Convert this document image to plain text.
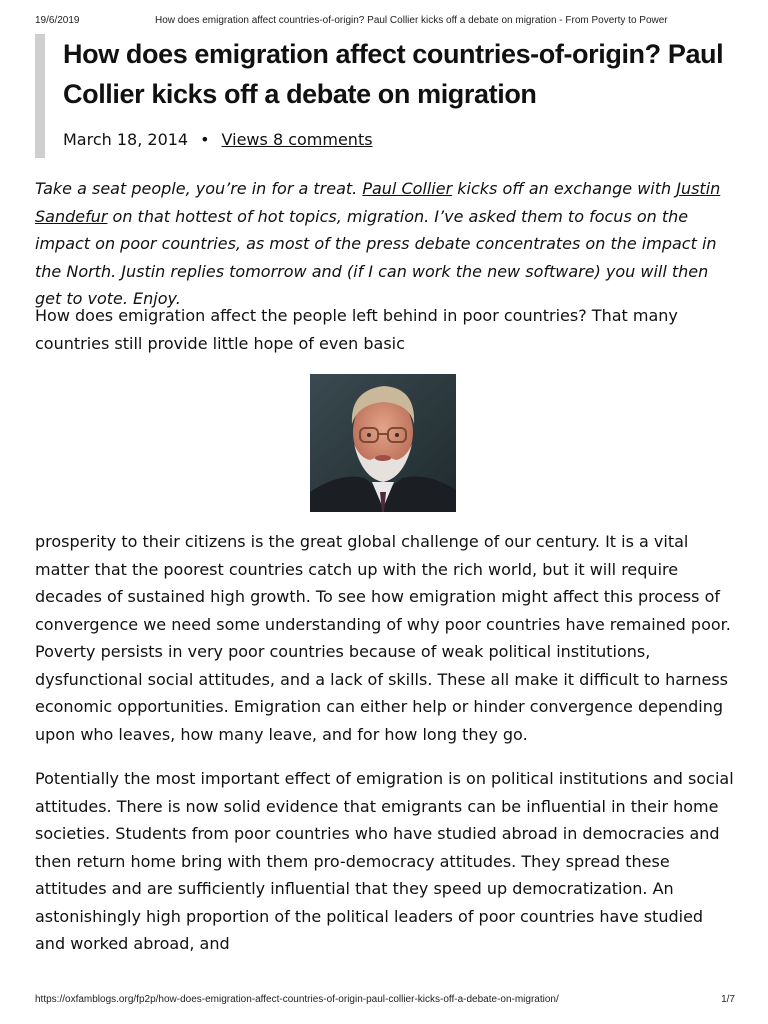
19/6/2019	How does emigration affect countries-of-origin? Paul Collier kicks off a debate on migration - From Poverty to Power
How does emigration affect countries-of-origin? Paul Collier kicks off a debate on migration
March 18, 2014 • Views 8 comments

Take a seat people, you’re in for a treat. Paul Collier kicks off an exchange with Justin Sandefur on that hottest of hot topics, migration. I’ve asked them to focus on the impact on poor countries, as most of the press debate concentrates on the impact in the North. Justin replies tomorrow and (if I can work the new software) you will then get to vote. Enjoy.

How does emigration affect the people left behind in poor countries? That many countries still provide little hope of even basic

prosperity to their citizens is the great global challenge of our century. It is a vital matter that the poorest countries catch up with the rich world, but it will require decades of sustained high growth. To see how emigration might affect this process of convergence we need some understanding of why poor countries have remained poor. Poverty persists in very poor countries because of weak political institutions, dysfunctional social attitudes, and a lack of skills. These all make it difficult to harness economic opportunities. Emigration can either help or hinder convergence depending upon who leaves, how many leave, and for how long they go.

Potentially the most important effect of emigration is on political institutions and social attitudes. There is now solid evidence that emigrants can be influential in their home societies. Students from poor countries who have studied abroad in democracies and then return home bring with them pro-democracy attitudes. They spread these attitudes and are sufficiently influential that they speed up democratization. An astonishingly high proportion of the political leaders of poor countries have studied and worked abroad, and

https://oxfamblogs.org/fp2p/how-does-emigration-affect-countries-of-origin-paul-collier-kicks-off-a-debate-on-migration/	1/7
